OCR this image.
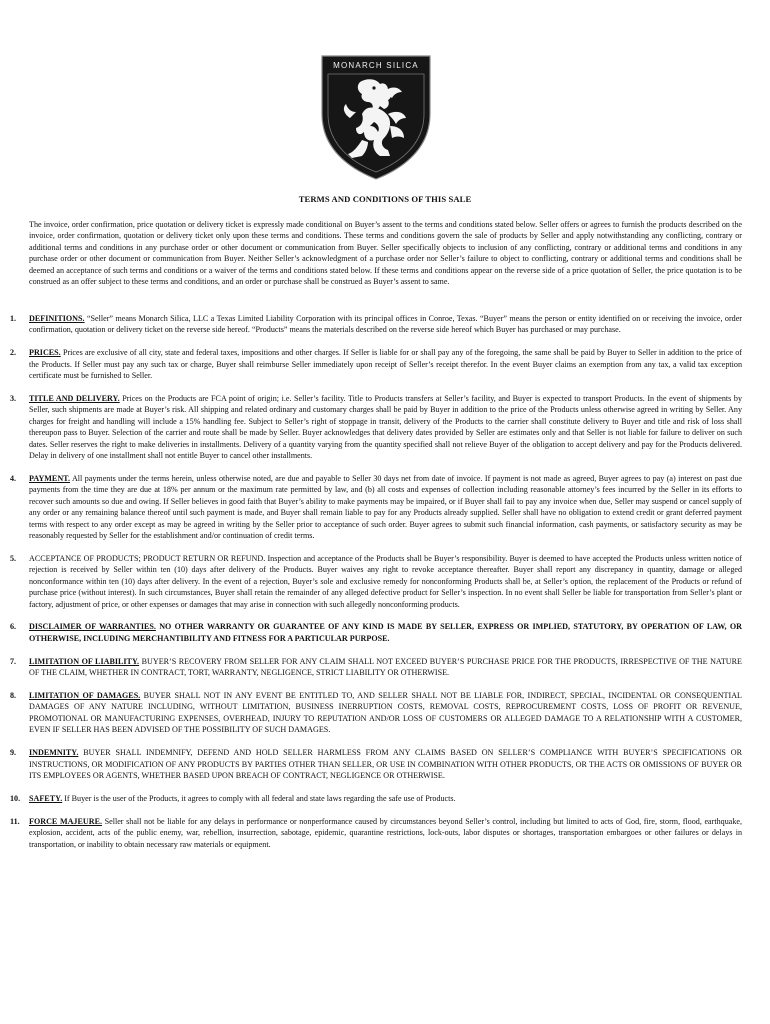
MONARCH SILICA
TERMS AND CONDITIONS OF THIS SALE

The invoice, order confirmation, price quotation or delivery ticket is expressly made conditional on Buyer’s assent to the terms and conditions stated below. Seller offers or agrees to furnish the products described on the invoice, order confirmation, quotation or delivery ticket only upon these terms and conditions. These terms and conditions govern the sale of products by Seller and apply notwithstanding any conflicting, contrary or additional terms and conditions in any purchase order or other document or communication from Buyer. Seller specifically objects to inclusion of any conflicting, contrary or additional terms and conditions in any purchase order or other document or communication from Buyer. Neither Seller’s acknowledgment of a purchase order nor Seller’s failure to object to conflicting, contrary or additional terms and conditions shall be deemed an acceptance of such terms and conditions or a waiver of the terms and conditions stated below. If these terms and conditions appear on the reverse side of a price quotation of Seller, the price quotation is to be construed as an offer subject to these terms and conditions, and an order or purchase shall be construed as Buyer’s assent to same.

1. DEFINITIONS. “Seller” means Monarch Silica, LLC a Texas Limited Liability Corporation with its principal offices in Conroe, Texas. “Buyer” means the person or entity identified on or receiving the invoice, order confirmation, quotation or delivery ticket on the reverse side hereof. “Products” means the materials described on the reverse side hereof which Buyer has purchased or may purchase.
2. PRICES. Prices are exclusive of all city, state and federal taxes, impositions and other charges. If Seller is liable for or shall pay any of the foregoing, the same shall be paid by Buyer to Seller in addition to the price of the Products. If Seller must pay any such tax or charge, Buyer shall reimburse Seller immediately upon receipt of Seller’s receipt therefor. In the event Buyer claims an exemption from any tax, a valid tax exception certificate must be furnished to Seller.
3. TITLE AND DELIVERY. Prices on the Products are FCA point of origin; i.e. Seller’s facility. Title to Products transfers at Seller’s facility, and Buyer is expected to transport Products. In the event of shipments by Seller, such shipments are made at Buyer’s risk. All shipping and related ordinary and customary charges shall be paid by Buyer in addition to the price of the Products unless otherwise agreed in writing by Seller. Any charges for freight and handling will include a 15% handling fee. Subject to Seller’s right of stoppage in transit, delivery of the Products to the carrier shall constitute delivery to Buyer and title and risk of loss shall thereupon pass to Buyer. Selection of the carrier and route shall be made by Seller. Buyer acknowledges that delivery dates provided by Seller are estimates only and that Seller is not liable for failure to deliver on such dates. Seller reserves the right to make deliveries in installments. Delivery of a quantity varying from the quantity specified shall not relieve Buyer of the obligation to accept delivery and pay for the Products delivered. Delay in delivery of one installment shall not entitle Buyer to cancel other installments.
4. PAYMENT. All payments under the terms herein, unless otherwise noted, are due and payable to Seller 30 days net from date of invoice. If payment is not made as agreed, Buyer agrees to pay (a) interest on past due payments from the time they are due at 18% per annum or the maximum rate permitted by law, and (b) all costs and expenses of collection including reasonable attorney’s fees incurred by the Seller in its efforts to recover such amounts so due and owing. If Seller believes in good faith that Buyer’s ability to make payments may be impaired, or if Buyer shall fail to pay any invoice when due, Seller may suspend or cancel supply of any order or any remaining balance thereof until such payment is made, and Buyer shall remain liable to pay for any Products already supplied. Seller shall have no obligation to extend credit or grant deferred payment terms with respect to any order except as may be agreed in writing by the Seller prior to acceptance of such order. Buyer agrees to submit such financial information, cash payments, or satisfactory security as may be reasonably requested by Seller for the establishment and/or continuation of credit terms.
5. ACCEPTANCE OF PRODUCTS; PRODUCT RETURN OR REFUND. Inspection and acceptance of the Products shall be Buyer’s responsibility. Buyer is deemed to have accepted the Products unless written notice of rejection is received by Seller within ten (10) days after delivery of the Products. Buyer waives any right to revoke acceptance thereafter. Buyer shall report any discrepancy in quantity, damage or alleged nonconformance within ten (10) days after delivery. In the event of a rejection, Buyer’s sole and exclusive remedy for nonconforming Products shall be, at Seller’s option, the replacement of the Products or refund of purchase price (without interest). In such circumstances, Buyer shall retain the remainder of any alleged defective product for Seller’s inspection. In no event shall Seller be liable for transportation from Seller’s plant or factory, adjustment of price, or other expenses or damages that may arise in connection with such allegedly nonconforming products.
6. DISCLAIMER OF WARRANTIES. NO OTHER WARRANTY OR GUARANTEE OF ANY KIND IS MADE BY SELLER, EXPRESS OR IMPLIED, STATUTORY, BY OPERATION OF LAW, OR OTHERWISE, INCLUDING MERCHANTIBILITY AND FITNESS FOR A PARTICULAR PURPOSE.
7. LIMITATION OF LIABILITY. BUYER’S RECOVERY FROM SELLER FOR ANY CLAIM SHALL NOT EXCEED BUYER’S PURCHASE PRICE FOR THE PRODUCTS, IRRESPECTIVE OF THE NATURE OF THE CLAIM, WHETHER IN CONTRACT, TORT, WARRANTY, NEGLIGENCE, STRICT LIABILITY OR OTHERWISE.
8. LIMITATION OF DAMAGES. BUYER SHALL NOT IN ANY EVENT BE ENTITLED TO, AND SELLER SHALL NOT BE LIABLE FOR, INDIRECT, SPECIAL, INCIDENTAL OR CONSEQUENTIAL DAMAGES OF ANY NATURE INCLUDING, WITHOUT LIMITATION, BUSINESS INERRUPTION COSTS, REMOVAL COSTS, REPROCUREMENT COSTS, LOSS OF PROFIT OR REVENUE, PROMOTIONAL OR MANUFACTURING EXPENSES, OVERHEAD, INJURY TO REPUTATION AND/OR LOSS OF CUSTOMERS OR ALLEGED DAMAGE TO A RELATIONSHIP WITH A CUSTOMER, EVEN IF SELLER HAS BEEN ADVISED OF THE POSSIBILITY OF SUCH DAMAGES.
9. INDEMNITY. BUYER SHALL INDEMNIFY, DEFEND AND HOLD SELLER HARMLESS FROM ANY CLAIMS BASED ON SELLER’S COMPLIANCE WITH BUYER’S SPECIFICATIONS OR INSTRUCTIONS, OR MODIFICATION OF ANY PRODUCTS BY PARTIES OTHER THAN SELLER, OR USE IN COMBINATION WITH OTHER PRODUCTS, OR THE ACTS OR OMISSIONS OF BUYER OR ITS EMPLOYEES OR AGENTS, WHETHER BASED UPON BREACH OF CONTRACT, NEGLIGENCE OR OTHERWISE.
10. SAFETY. If Buyer is the user of the Products, it agrees to comply with all federal and state laws regarding the safe use of Products.
11. FORCE MAJEURE. Seller shall not be liable for any delays in performance or nonperformance caused by circumstances beyond Seller’s control, including but limited to acts of God, fire, storm, flood, earthquake, explosion, accident, acts of the public enemy, war, rebellion, insurrection, sabotage, epidemic, quarantine restrictions, lock-outs, labor disputes or shortages, transportation embargoes or other failures or delays in transportation, or inability to obtain necessary raw materials or equipment.
